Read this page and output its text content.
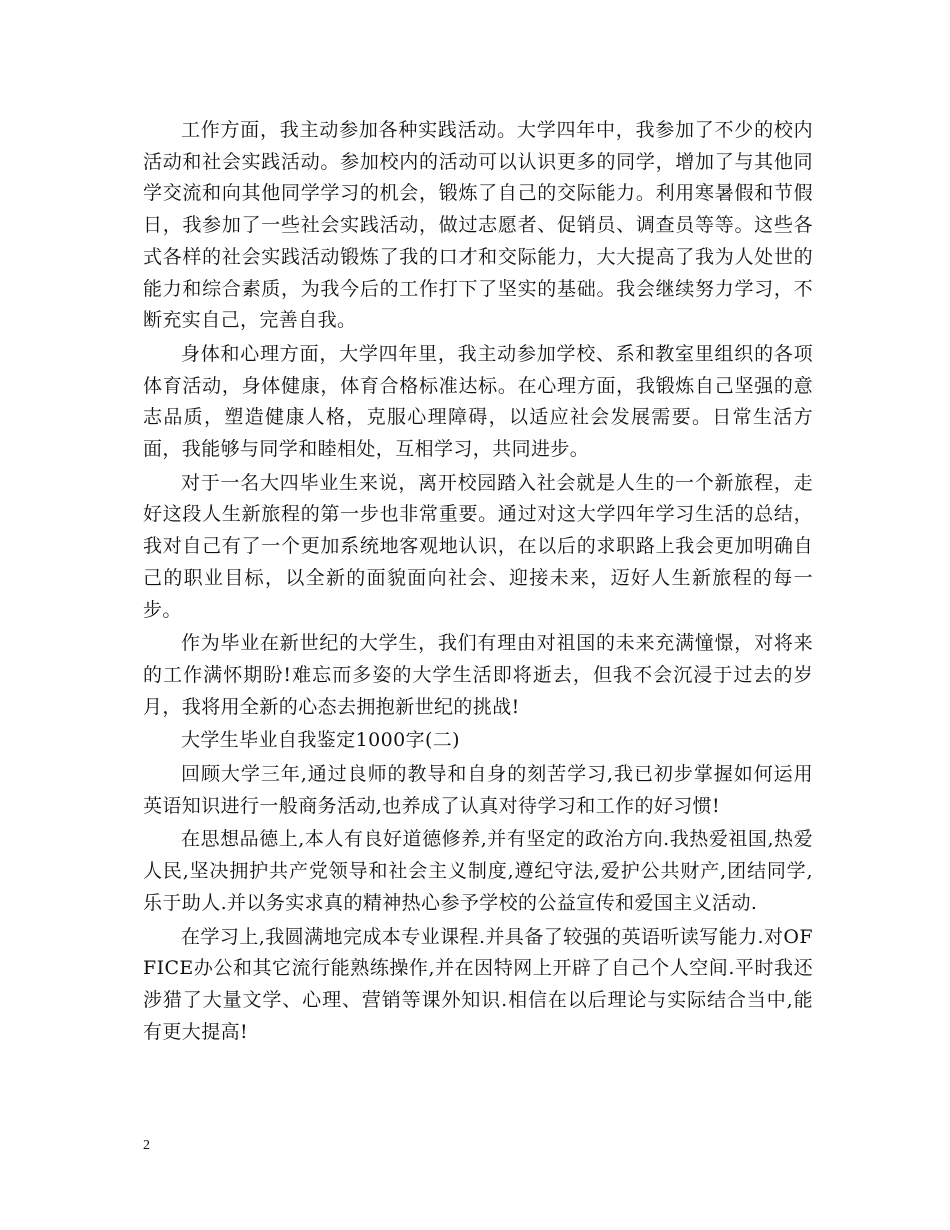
工作方面，我主动参加各种实践活动。大学四年中，我参加了不少的校内活动和社会实践活动。参加校内的活动可以认识更多的同学，增加了与其他同学交流和向其他同学学习的机会，锻炼了自己的交际能力。利用寒暑假和节假日，我参加了一些社会实践活动，做过志愿者、促销员、调查员等等。这些各式各样的社会实践活动锻炼了我的口才和交际能力，大大提高了我为人处世的能力和综合素质，为我今后的工作打下了坚实的基础。我会继续努力学习，不断充实自己，完善自我。

身体和心理方面，大学四年里，我主动参加学校、系和教室里组织的各项体育活动，身体健康，体育合格标准达标。在心理方面，我锻炼自己坚强的意志品质，塑造健康人格，克服心理障碍，以适应社会发展需要。日常生活方面，我能够与同学和睦相处，互相学习，共同进步。

对于一名大四毕业生来说，离开校园踏入社会就是人生的一个新旅程，走好这段人生新旅程的第一步也非常重要。通过对这大学四年学习生活的总结，我对自己有了一个更加系统地客观地认识，在以后的求职路上我会更加明确自己的职业目标，以全新的面貌面向社会、迎接未来，迈好人生新旅程的每一步。

作为毕业在新世纪的大学生，我们有理由对祖国的未来充满憧憬，对将来的工作满怀期盼!难忘而多姿的大学生活即将逝去，但我不会沉浸于过去的岁月，我将用全新的心态去拥抱新世纪的挑战!

大学生毕业自我鉴定1000字(二)

回顾大学三年,通过良师的教导和自身的刻苦学习,我已初步掌握如何运用英语知识进行一般商务活动,也养成了认真对待学习和工作的好习惯!

在思想品德上,本人有良好道德修养,并有坚定的政治方向.我热爱祖国,热爱人民,坚决拥护共产党领导和社会主义制度,遵纪守法,爱护公共财产,团结同学,乐于助人.并以务实求真的精神热心参予学校的公益宣传和爱国主义活动.

在学习上,我圆满地完成本专业课程.并具备了较强的英语听读写能力.对OFFICE办公和其它流行能熟练操作,并在因特网上开辟了自己个人空间.平时我还涉猎了大量文学、心理、营销等课外知识.相信在以后理论与实际结合当中,能有更大提高!

2
